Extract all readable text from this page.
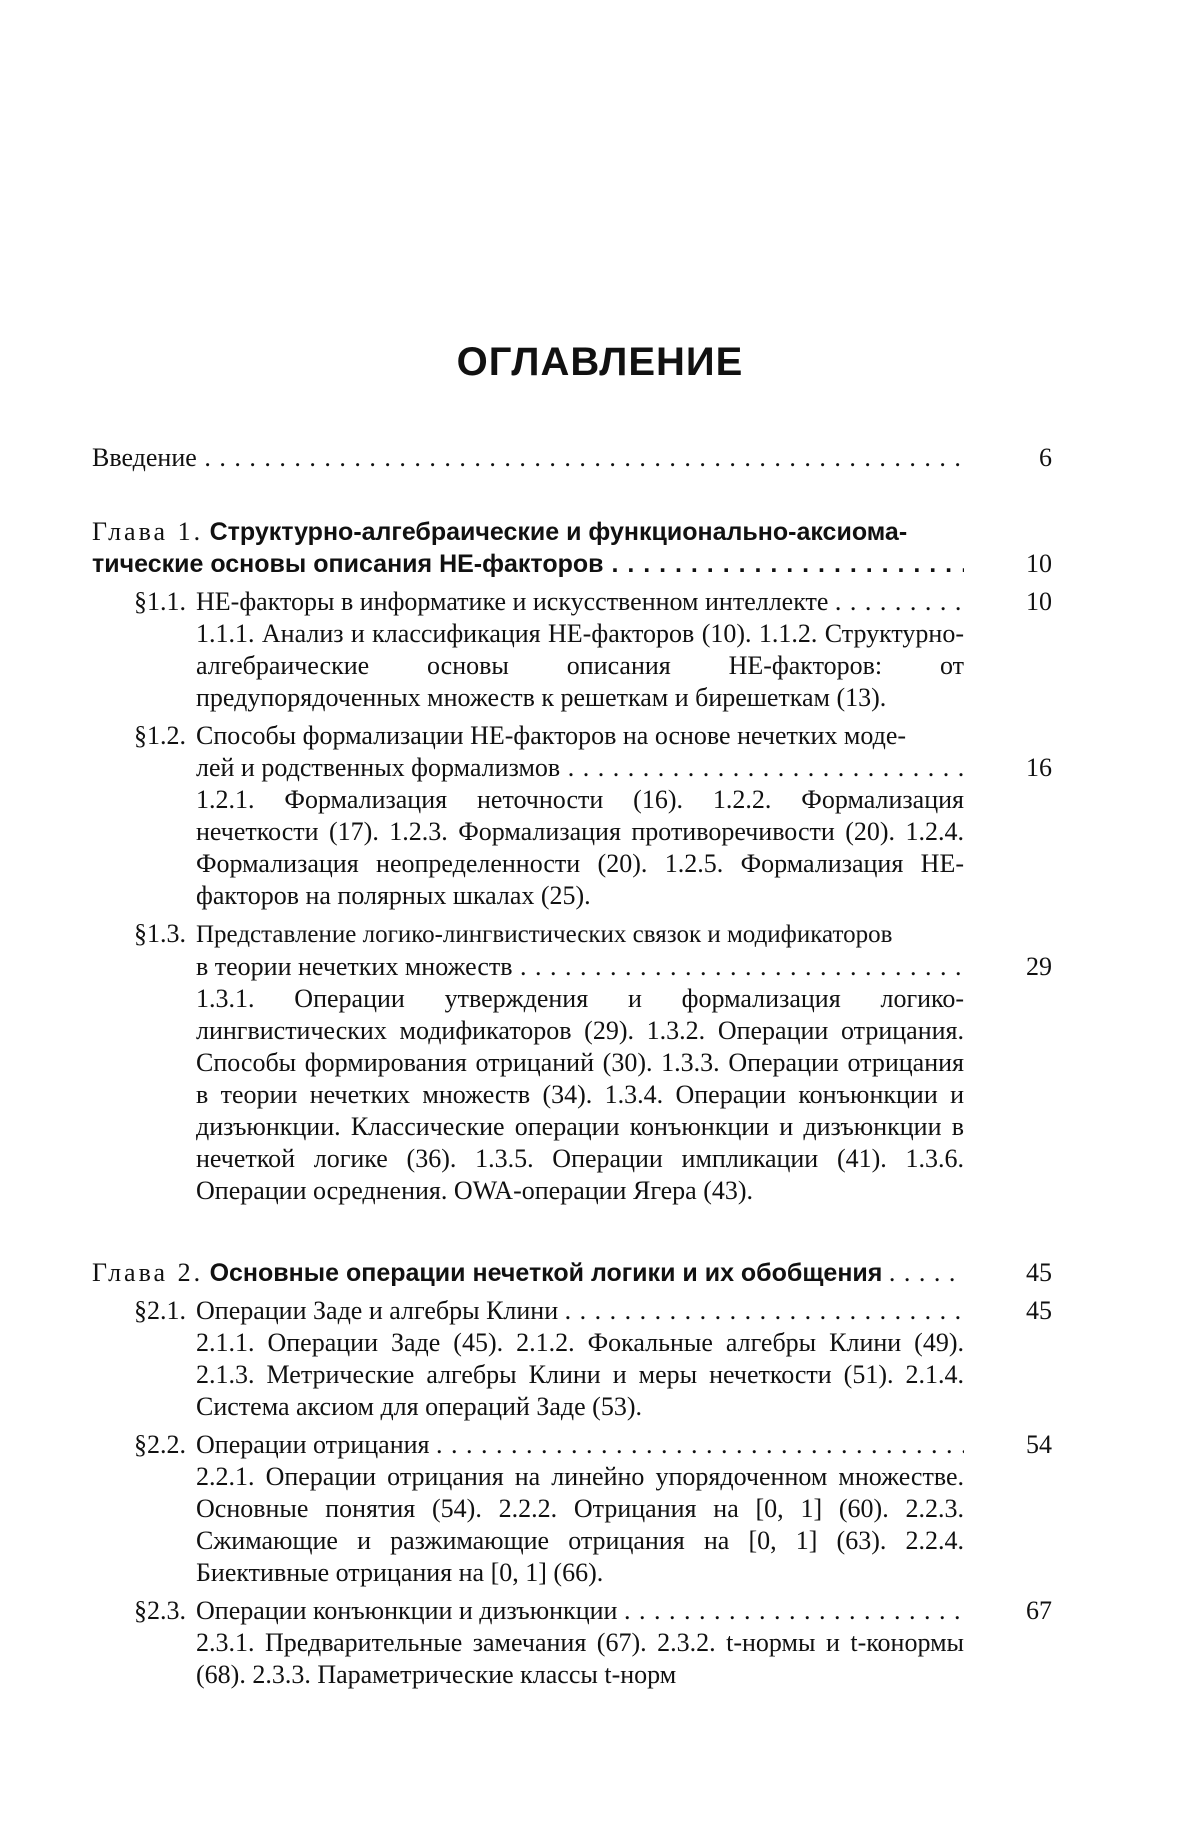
ОГЛАВЛЕНИЕ
Введение . . .	6
Глава 1. Структурно-алгебраические и функционально-аксиома-
тические основы описания НЕ-факторов . . .	10
§1.1. НЕ-факторы в информатике и искусственном интеллекте . . .	10
1.1.1. Анализ и классификация НЕ-факторов (10). 1.1.2. Структурно-алгебраические основы описания НЕ-факторов: от предупорядоченных множеств к решеткам и бирешеткам (13).
§1.2. Способы формализации НЕ-факторов на основе нечетких моде-
лей и родственных формализмов . . .	16
1.2.1. Формализация неточности (16). 1.2.2. Формализация нечеткости (17). 1.2.3. Формализация противоречивости (20). 1.2.4. Формализация неопределенности (20). 1.2.5. Формализация НЕ-факторов на полярных шкалах (25).
§1.3. Представление логико-лингвистических связок и модификаторов
в теории нечетких множеств . . .	29
1.3.1. Операции утверждения и формализация логико-лингвистических модификаторов (29). 1.3.2. Операции отрицания. Способы формирования отрицаний (30). 1.3.3. Операции отрицания в теории нечетких множеств (34). 1.3.4. Операции конъюнкции и дизъюнкции. Классические операции конъюнкции и дизъюнкции в нечеткой логике (36). 1.3.5. Операции импликации (41). 1.3.6. Операции осреднения. OWA-операции Ягера (43).
Глава 2. Основные операции нечеткой логики и их обобщения . . .	45
§2.1. Операции Заде и алгебры Клини . . .	45
2.1.1. Операции Заде (45). 2.1.2. Фокальные алгебры Клини (49). 2.1.3. Метрические алгебры Клини и меры нечеткости (51). 2.1.4. Система аксиом для операций Заде (53).
§2.2. Операции отрицания . . .	54
2.2.1. Операции отрицания на линейно упорядоченном множестве. Основные понятия (54). 2.2.2. Отрицания на [0, 1] (60). 2.2.3. Сжимающие и разжимающие отрицания на [0, 1] (63). 2.2.4. Биективные отрицания на [0, 1] (66).
§2.3. Операции конъюнкции и дизъюнкции . . .	67
2.3.1. Предварительные замечания (67). 2.3.2. t-нормы и t-конормы (68). 2.3.3. Параметрические классы t-норм
